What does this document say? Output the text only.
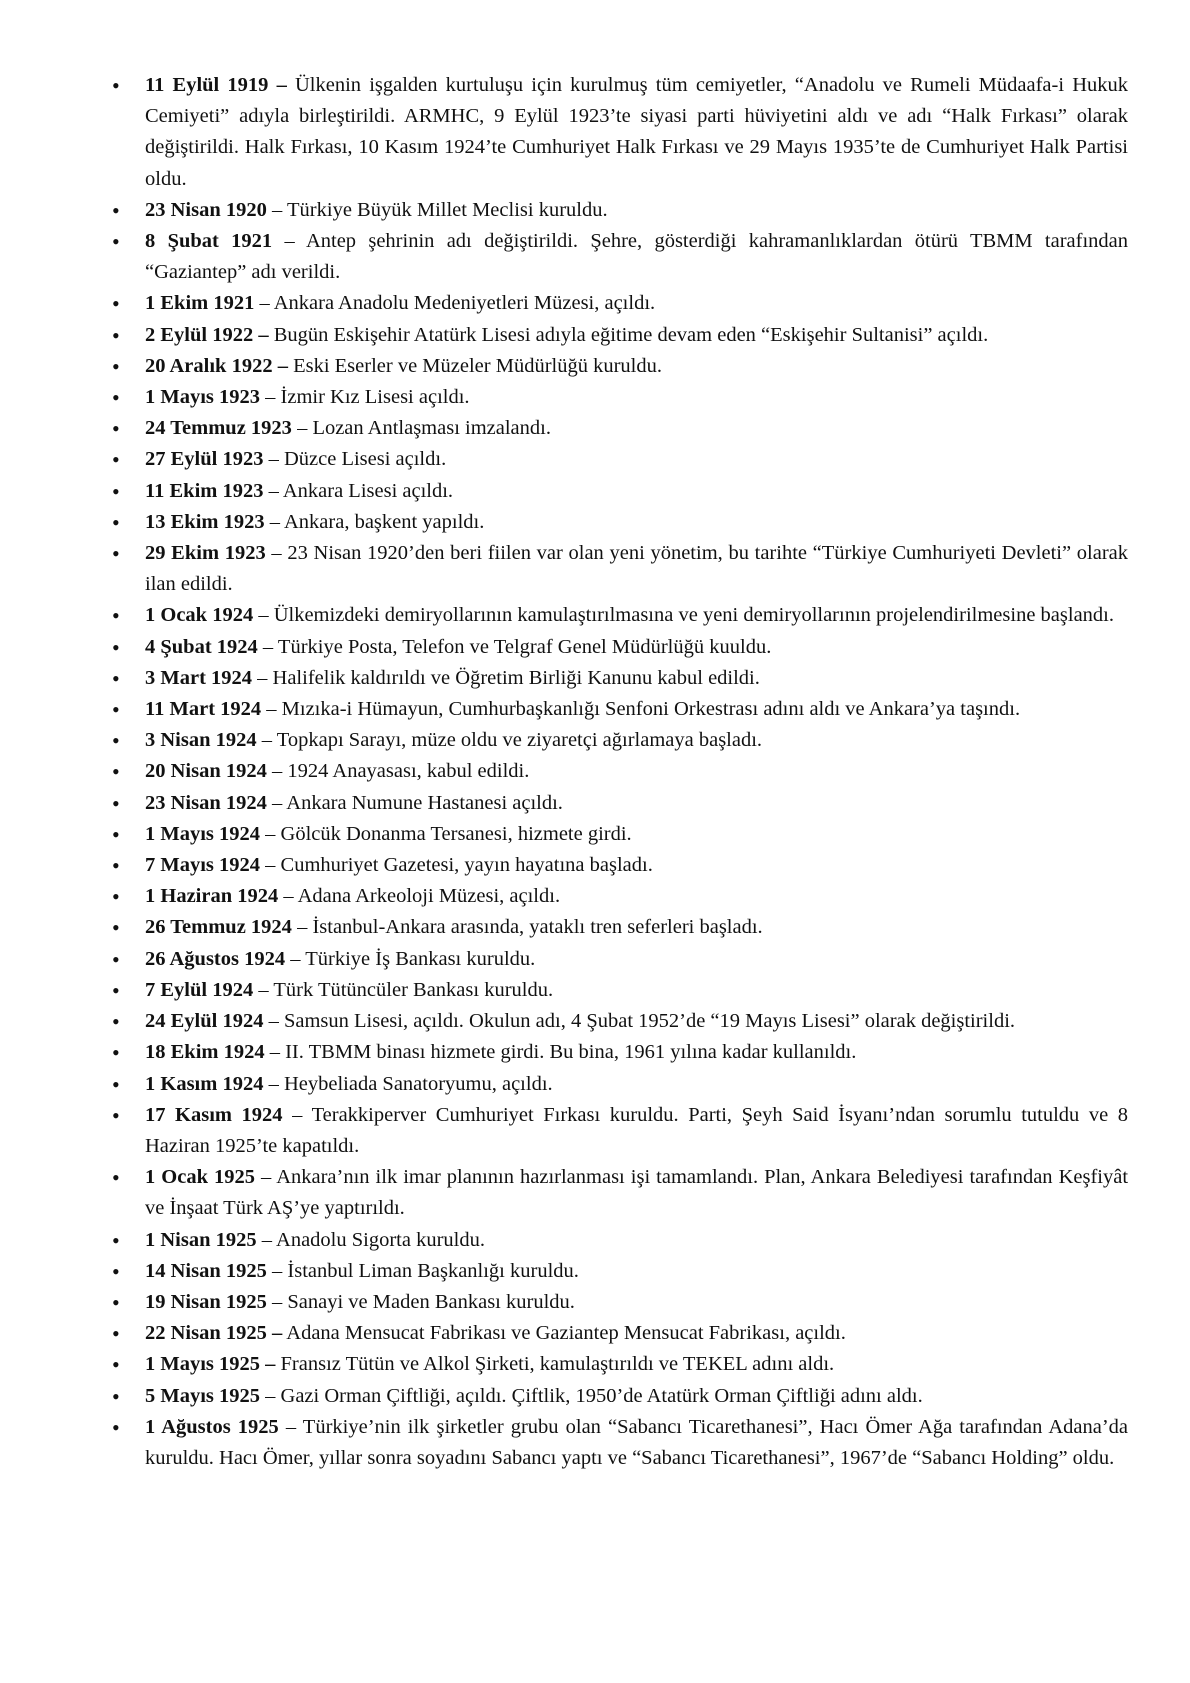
• 11 Eylül 1919 – Ülkenin işgalden kurtuluşu için kurulmuş tüm cemiyetler, “Anadolu ve Rumeli Müdaafa-i Hukuk Cemiyeti” adıyla birleştirildi. ARMHC, 9 Eylül 1923’te siyasi parti hüviyetini aldı ve adı “Halk Fırkası” olarak değiştirildi. Halk Fırkası, 10 Kasım 1924’te Cumhuriyet Halk Fırkası ve 29 Mayıs 1935’te de Cumhuriyet Halk Partisi oldu.
• 23 Nisan 1920 – Türkiye Büyük Millet Meclisi kuruldu.
• 8 Şubat 1921 – Antep şehrinin adı değiştirildi. Şehre, gösterdiği kahramanlıklardan ötürü TBMM tarafından “Gaziantep” adı verildi.
• 1 Ekim 1921 – Ankara Anadolu Medeniyetleri Müzesi, açıldı.
• 2 Eylül 1922 – Bugün Eskişehir Atatürk Lisesi adıyla eğitime devam eden “Eskişehir Sultanisi” açıldı.
• 20 Aralık 1922 – Eski Eserler ve Müzeler Müdürlüğü kuruldu.
• 1 Mayıs 1923 – İzmir Kız Lisesi açıldı.
• 24 Temmuz 1923 – Lozan Antlaşması imzalandı.
• 27 Eylül 1923 – Düzce Lisesi açıldı.
• 11 Ekim 1923 – Ankara Lisesi açıldı.
• 13 Ekim 1923 – Ankara, başkent yapıldı.
• 29 Ekim 1923 – 23 Nisan 1920’den beri fiilen var olan yeni yönetim, bu tarihte “Türkiye Cumhuriyeti Devleti” olarak ilan edildi.
• 1 Ocak 1924 – Ülkemizdeki demiryollarının kamulaştırılmasına ve yeni demiryollarının projelendirilmesine başlandı.
• 4 Şubat 1924 – Türkiye Posta, Telefon ve Telgraf Genel Müdürlüğü kuuldu.
• 3 Mart 1924 – Halifelik kaldırıldı ve Öğretim Birliği Kanunu kabul edildi.
• 11 Mart 1924 – Mızıka-i Hümayun, Cumhurbaşkanlığı Senfoni Orkestrası adını aldı ve Ankara’ya taşındı.
• 3 Nisan 1924 – Topkapı Sarayı, müze oldu ve ziyaretçi ağırlamaya başladı.
• 20 Nisan 1924 – 1924 Anayasası, kabul edildi.
• 23 Nisan 1924 – Ankara Numune Hastanesi açıldı.
• 1 Mayıs 1924 – Gölcük Donanma Tersanesi, hizmete girdi.
• 7 Mayıs 1924 – Cumhuriyet Gazetesi, yayın hayatına başladı.
• 1 Haziran 1924 – Adana Arkeoloji Müzesi, açıldı.
• 26 Temmuz 1924 – İstanbul-Ankara arasında, yataklı tren seferleri başladı.
• 26 Ağustos 1924 – Türkiye İş Bankası kuruldu.
• 7 Eylül 1924 – Türk Tütüncüler Bankası kuruldu.
• 24 Eylül 1924 – Samsun Lisesi, açıldı. Okulun adı, 4 Şubat 1952’de “19 Mayıs Lisesi” olarak değiştirildi.
• 18 Ekim 1924 – II. TBMM binası hizmete girdi. Bu bina, 1961 yılına kadar kullanıldı.
• 1 Kasım 1924 – Heybeliada Sanatoryumu, açıldı.
• 17 Kasım 1924 – Terakkiperver Cumhuriyet Fırkası kuruldu. Parti, Şeyh Said İsyanı’ndan sorumlu tutuldu ve 8 Haziran 1925’te kapatıldı.
• 1 Ocak 1925 – Ankara’nın ilk imar planının hazırlanması işi tamamlandı. Plan, Ankara Belediyesi tarafından Keşfiyât ve İnşaat Türk AŞ’ye yaptırıldı.
• 1 Nisan 1925 – Anadolu Sigorta kuruldu.
• 14 Nisan 1925 – İstanbul Liman Başkanlığı kuruldu.
• 19 Nisan 1925 – Sanayi ve Maden Bankası kuruldu.
• 22 Nisan 1925 – Adana Mensucat Fabrikası ve Gaziantep Mensucat Fabrikası, açıldı.
• 1 Mayıs 1925 – Fransız Tütün ve Alkol Şirketi, kamulaştırıldı ve TEKEL adını aldı.
• 5 Mayıs 1925 – Gazi Orman Çiftliği, açıldı. Çiftlik, 1950’de Atatürk Orman Çiftliği adını aldı.
• 1 Ağustos 1925 – Türkiye’nin ilk şirketler grubu olan “Sabancı Ticarethanesi”, Hacı Ömer Ağa tarafından Adana’da kuruldu. Hacı Ömer, yıllar sonra soyadını Sabancı yaptı ve “Sabancı Ticarethanesi”, 1967’de “Sabancı Holding” oldu.
